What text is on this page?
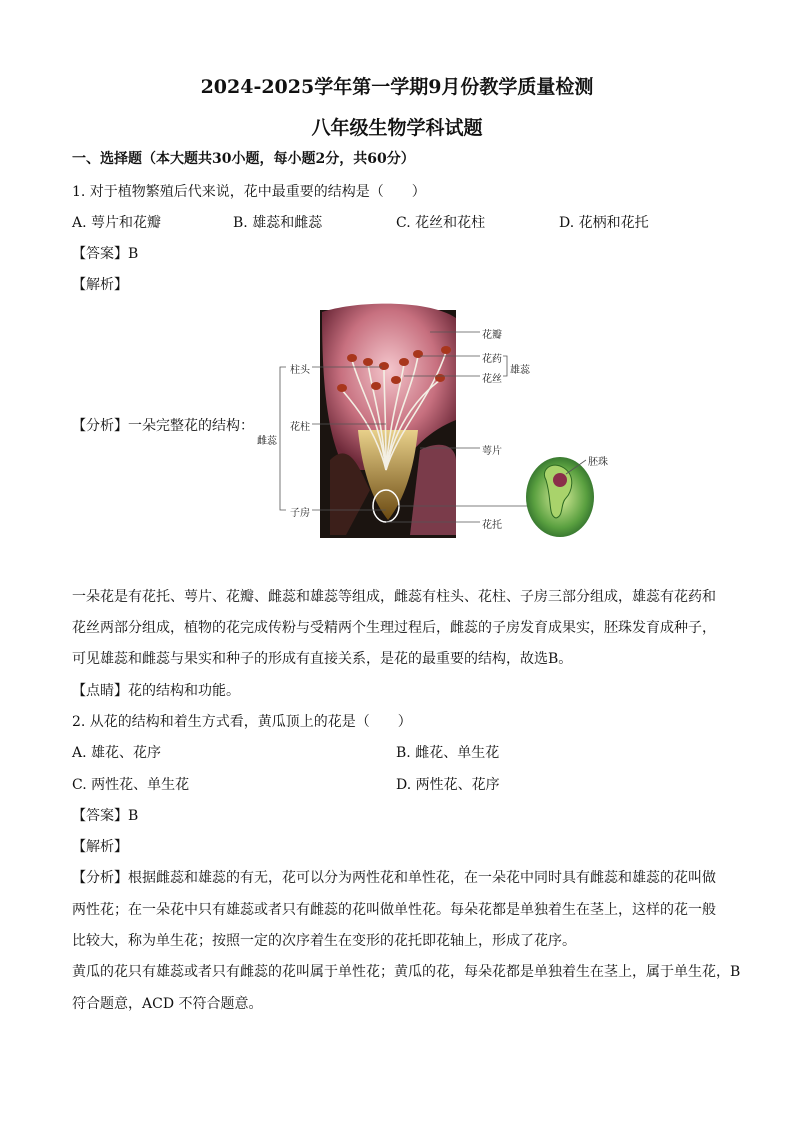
2024-2025学年第一学期9月份教学质量检测
八年级生物学科试题
一、选择题（本大题共30小题，每小题2分，共60分）
1. 对于植物繁殖后代来说，花中最重要的结构是（　　）
A. 萼片和花瓣	B. 雄蕊和雌蕊	C. 花丝和花柱	D. 花柄和花托
【答案】B
【解析】
【分析】一朵完整花的结构：
柱头
花柱
雌蕊
子房
花瓣
花药
花丝
雄蕊
萼片
花托
胚珠
一朵花是有花托、萼片、花瓣、雌蕊和雄蕊等组成，雌蕊有柱头、花柱、子房三部分组成，雄蕊有花药和
花丝两部分组成，植物的花完成传粉与受精两个生理过程后，雌蕊的子房发育成果实，胚珠发育成种子，
可见雄蕊和雌蕊与果实和种子的形成有直接关系，是花的最重要的结构，故选B。
【点睛】花的结构和功能。
2. 从花的结构和着生方式看，黄瓜顶上的花是（　　）
A. 雄花、花序	B. 雌花、单生花
C. 两性花、单生花	D. 两性花、花序
【答案】B
【解析】
【分析】根据雌蕊和雄蕊的有无，花可以分为两性花和单性花，在一朵花中同时具有雌蕊和雄蕊的花叫做
两性花；在一朵花中只有雄蕊或者只有雌蕊的花叫做单性花。每朵花都是单独着生在茎上，这样的花一般
比较大，称为单生花；按照一定的次序着生在变形的花托即花轴上，形成了花序。
黄瓜的花只有雄蕊或者只有雌蕊的花叫属于单性花；黄瓜的花，每朵花都是单独着生在茎上，属于单生花，B
符合题意，ACD 不符合题意。
